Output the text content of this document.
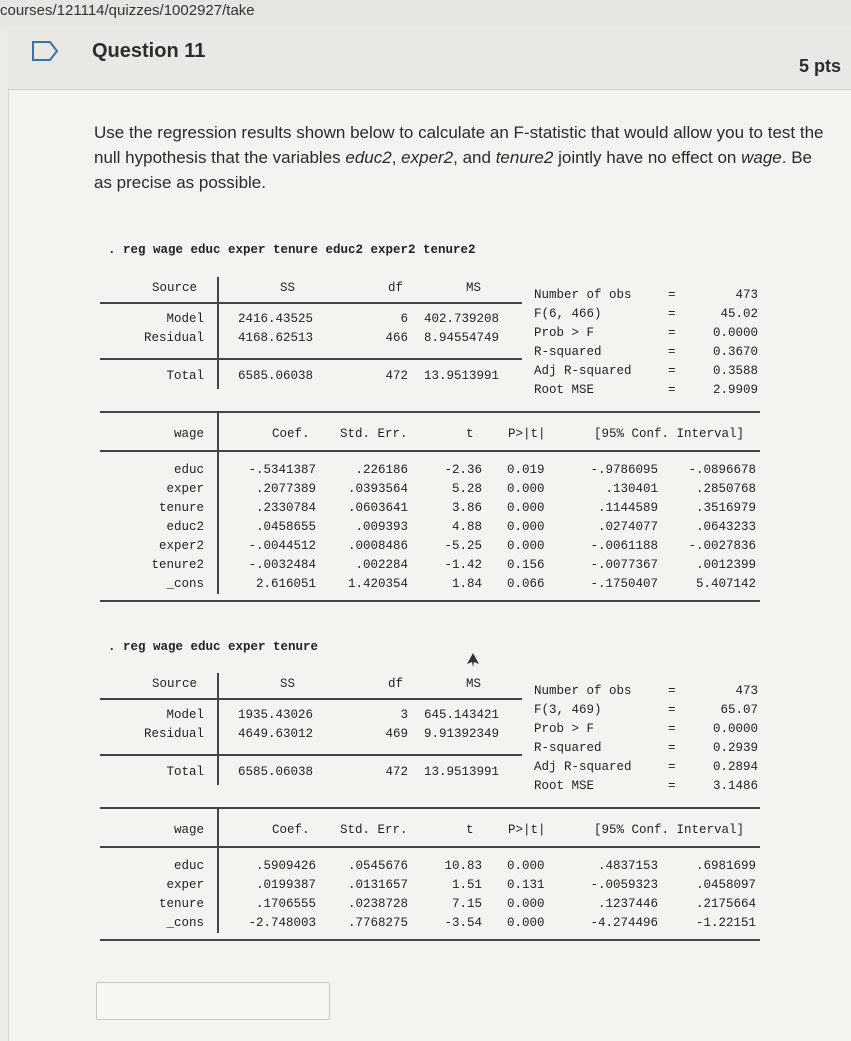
courses/121114/quizzes/1002927/take
Question 11
5 pts
Use the regression results shown below to calculate an F-statistic that would allow you to test the null hypothesis that the variables educ2, exper2, and tenure2 jointly have no effect on wage. Be as precise as possible.
. reg wage educ exper tenure educ2 exper2 tenure2
Source	SS	df	MS
Model	2416.43525	6 402.739208
Residual	4168.62513	466 8.94554749
Total	6585.06038	472 13.9513991
Number of obs	=	473
F(6, 466)	=	45.02
Prob > F	=	0.0000
R-squared	=	0.3670
Adj R-squared	=	0.3588
Root MSE	=	2.9909
wage	Coef. Std. Err.	t	P>|t|	[95% Conf. Interval]
educ	-.5341387	.226186	-2.36 0.019	-.9786095	-.0896678
exper	.2077389	.0393564	5.28 0.000	.130401	.2850768
tenure	.2330784	.0603641	3.86 0.000	.1144589	.3516979
educ2	.0458655	.009393	4.88 0.000	.0274077	.0643233
exper2	-.0044512	.0008486	-5.25 0.000	-.0061188	-.0027836
tenure2	-.0032484	.002284	-1.42 0.156	-.0077367	.0012399
_cons	2.616051	1.420354	1.84 0.066	-.1750407	5.407142
. reg wage educ exper tenure
Source	SS	df	MS
Model	1935.43026	3 645.143421
Residual	4649.63012	469 9.91392349
Total	6585.06038	472 13.9513991
Number of obs	=	473
F(3, 469)	=	65.07
Prob > F	=	0.0000
R-squared	=	0.2939
Adj R-squared	=	0.2894
Root MSE	=	3.1486
wage	Coef. Std. Err.	t	P>|t|	[95% Conf. Interval]
educ	.5909426	.0545676	10.83 0.000	.4837153	.6981699
exper	.0199387	.0131657	1.51 0.131	-.0059323	.0458097
tenure	.1706555	.0238728	7.15 0.000	.1237446	.2175664
_cons	-2.748003	.7768275	-3.54 0.000	-4.274496	-1.22151
